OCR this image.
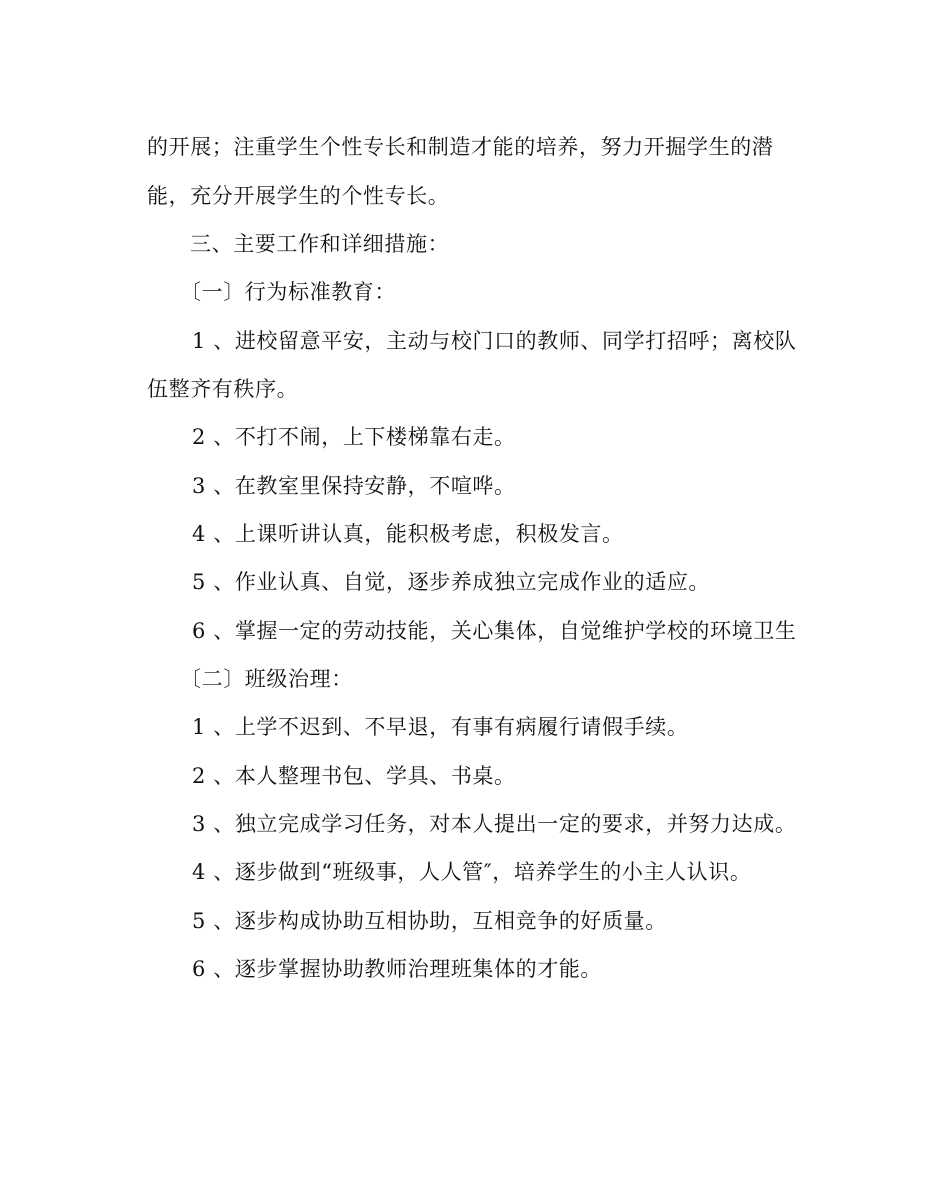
的开展；注重学生个性专长和制造才能的培养，努力开掘学生的潜
能，充分开展学生的个性专长。
三、主要工作和详细措施：
〔一〕行为标准教育：
1 、进校留意平安，主动与校门口的教师、同学打招呼；离校队
伍整齐有秩序。
2 、不打不闹，上下楼梯靠右走。
3 、在教室里保持安静，不喧哗。
4 、上课听讲认真，能积极考虑，积极发言。
5 、作业认真、自觉，逐步养成独立完成作业的适应。
6 、掌握一定的劳动技能，关心集体，自觉维护学校的环境卫生
〔二〕班级治理：
1 、上学不迟到、不早退，有事有病履行请假手续。
2 、本人整理书包、学具、书桌。
3 、独立完成学习任务，对本人提出一定的要求，并努力达成。
4 、逐步做到“班级事，人人管″，培养学生的小主人认识。
5 、逐步构成协助互相协助，互相竞争的好质量。
6 、逐步掌握协助教师治理班集体的才能。
